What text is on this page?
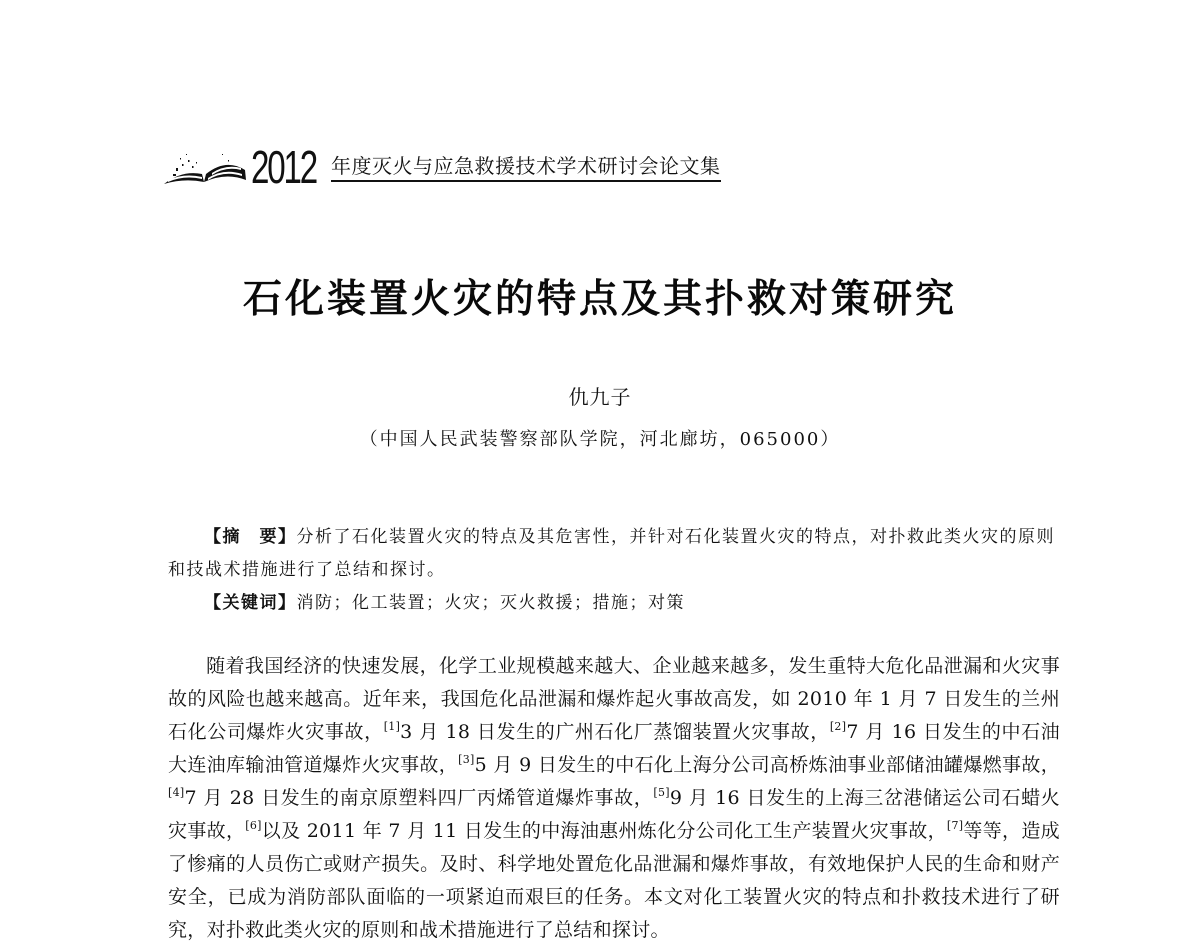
2012 年度灭火与应急救援技术学术研讨会论文集
石化装置火灾的特点及其扑救对策研究
仇九子
（中国人民武装警察部队学院，河北廊坊，065000）

【摘　要】分析了石化装置火灾的特点及其危害性，并针对石化装置火灾的特点，对扑救此类火灾的原则和技战术措施进行了总结和探讨。

【关键词】消防；化工装置；火灾；灭火救援；措施；对策

随着我国经济的快速发展，化学工业规模越来越大、企业越来越多，发生重特大危化品泄漏和火灾事故的风险也越来越高。近年来，我国危化品泄漏和爆炸起火事故高发，如 2010 年 1 月 7 日发生的兰州石化公司爆炸火灾事故，[1]3 月 18 日发生的广州石化厂蒸馏装置火灾事故，[2]7 月 16 日发生的中石油大连油库输油管道爆炸火灾事故，[3]5 月 9 日发生的中石化上海分公司高桥炼油事业部储油罐爆燃事故，[4]7 月 28 日发生的南京原塑料四厂丙烯管道爆炸事故，[5]9 月 16 日发生的上海三岔港储运公司石蜡火灾事故，[6]以及 2011 年 7 月 11 日发生的中海油惠州炼化分公司化工生产装置火灾事故，[7]等等，造成了惨痛的人员伤亡或财产损失。及时、科学地处置危化品泄漏和爆炸事故，有效地保护人民的生命和财产安全，已成为消防部队面临的一项紧迫而艰巨的任务。本文对化工装置火灾的特点和扑救技术进行了研究，对扑救此类火灾的原则和战术措施进行了总结和探讨。
